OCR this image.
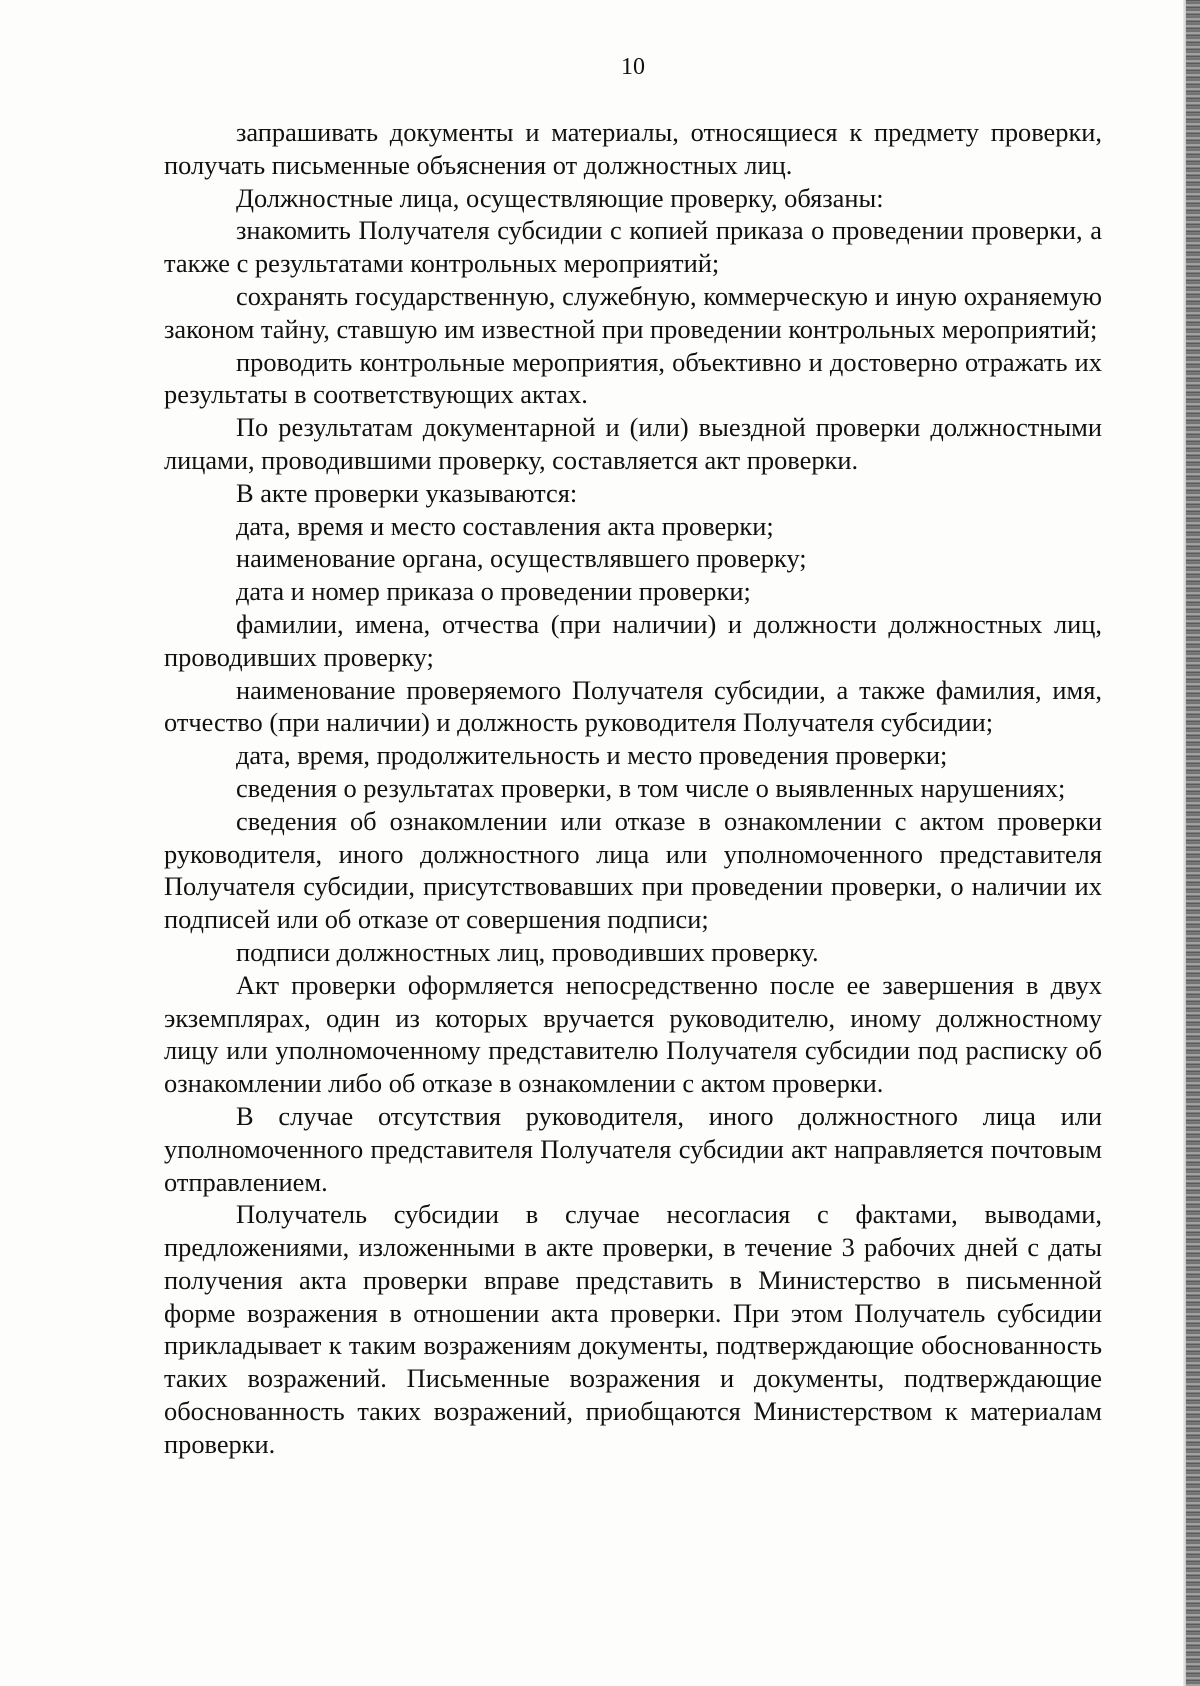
10

запрашивать документы и материалы, относящиеся к предмету проверки, получать письменные объяснения от должностных лиц.

Должностные лица, осуществляющие проверку, обязаны:

знакомить Получателя субсидии с копией приказа о проведении проверки, а также с результатами контрольных мероприятий;

сохранять государственную, служебную, коммерческую и иную охраняемую законом тайну, ставшую им известной при проведении контрольных мероприятий;

проводить контрольные мероприятия, объективно и достоверно отражать их результаты в соответствующих актах.

По результатам документарной и (или) выездной проверки должностными лицами, проводившими проверку, составляется акт проверки.

В акте проверки указываются:

дата, время и место составления акта проверки;

наименование органа, осуществлявшего проверку;

дата и номер приказа о проведении проверки;

фамилии, имена, отчества (при наличии) и должности должностных лиц, проводивших проверку;

наименование проверяемого Получателя субсидии, а также фамилия, имя, отчество (при наличии) и должность руководителя Получателя субсидии;

дата, время, продолжительность и место проведения проверки;

сведения о результатах проверки, в том числе о выявленных нарушениях;

сведения об ознакомлении или отказе в ознакомлении с актом проверки руководителя, иного должностного лица или уполномоченного представителя Получателя субсидии, присутствовавших при проведении проверки, о наличии их подписей или об отказе от совершения подписи;

подписи должностных лиц, проводивших проверку.

Акт проверки оформляется непосредственно после ее завершения в двух экземплярах, один из которых вручается руководителю, иному должностному лицу или уполномоченному представителю Получателя субсидии под расписку об ознакомлении либо об отказе в ознакомлении с актом проверки.

В случае отсутствия руководителя, иного должностного лица или уполномоченного представителя Получателя субсидии акт направляется почтовым отправлением.

Получатель субсидии в случае несогласия с фактами, выводами, предложениями, изложенными в акте проверки, в течение 3 рабочих дней с даты получения акта проверки вправе представить в Министерство в письменной форме возражения в отношении акта проверки. При этом Получатель субсидии прикладывает к таким возражениям документы, подтверждающие обоснованность таких возражений. Письменные возражения и документы, подтверждающие обоснованность таких возражений, приобщаются Министерством к материалам проверки.
